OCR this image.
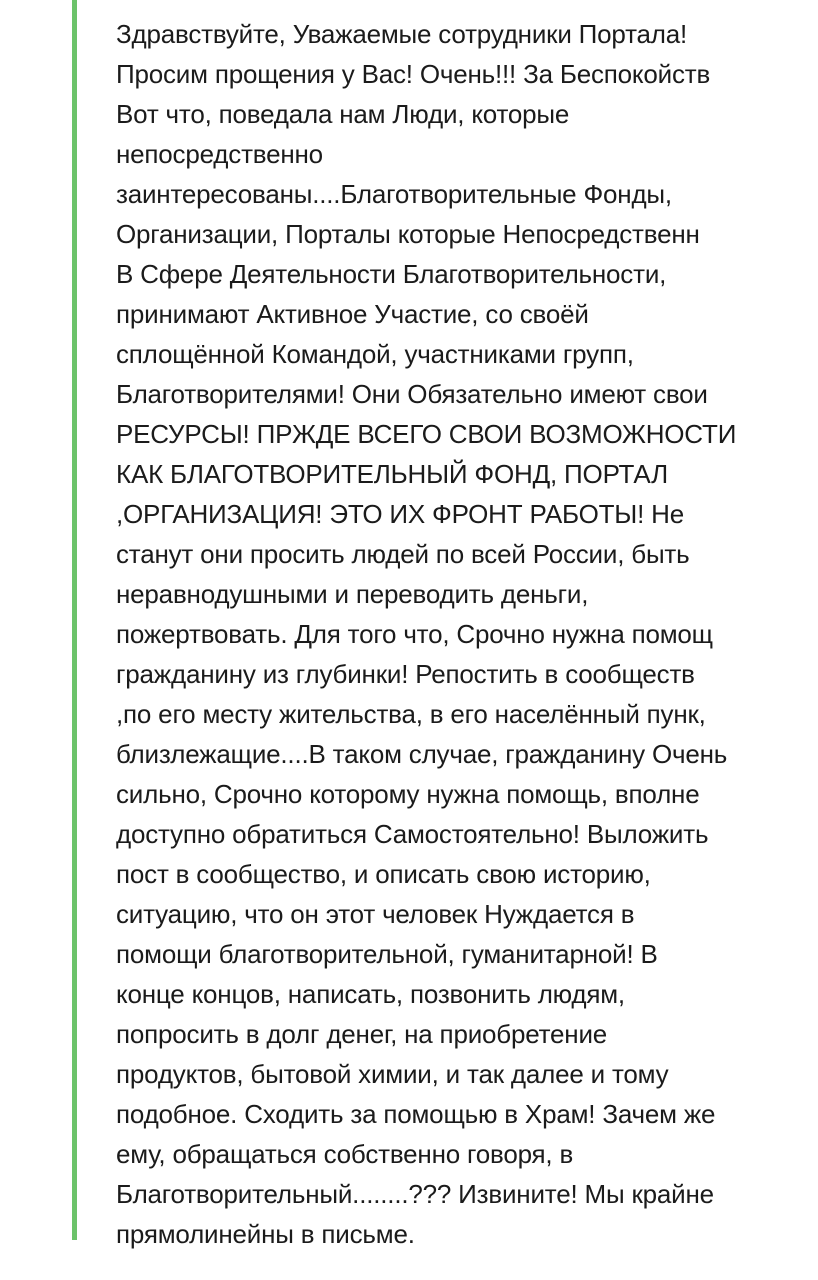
Здравствуйте, Уважаемые сотрудники Портала!
Просим прощения у Вас! Очень!!! За Беспокойств
Вот что, поведала нам Люди, которые
непосредственно
заинтересованы....Благотворительные Фонды,
Организации, Порталы которые Непосредственн
В Сфере Деятельности Благотворительности,
принимают Активное Участие, со своёй
сплощённой Командой, участниками групп,
Благотворителями! Они Обязательно имеют свои
РЕСУРСЫ! ПРЖДЕ ВСЕГО СВОИ ВОЗМОЖНОСТИ
КАК БЛАГОТВОРИТЕЛЬНЫЙ ФОНД, ПОРТАЛ
,ОРГАНИЗАЦИЯ! ЭТО ИХ ФРОНТ РАБОТЫ! Не
станут они просить людей по всей России, быть
неравнодушными и переводить деньги,
пожертвовать. Для того что, Срочно нужна помощ
гражданину из глубинки! Репостить в сообществ
,по его месту жительства, в его населённый пунк,
близлежащие....В таком случае, гражданину Очень
сильно, Срочно которому нужна помощь, вполне
доступно обратиться Самостоятельно! Выложить
пост в сообщество, и описать свою историю,
ситуацию, что он этот человек Нуждается в
помощи благотворительной, гуманитарной! В
конце концов, написать, позвонить людям,
попросить в долг денег, на приобретение
продуктов, бытовой химии, и так далее и тому
подобное. Сходить за помощью в Храм! Зачем же
ему, обращаться собственно говоря, в
Благотворительный........??? Извините! Мы крайне
прямолинейны в письме.
